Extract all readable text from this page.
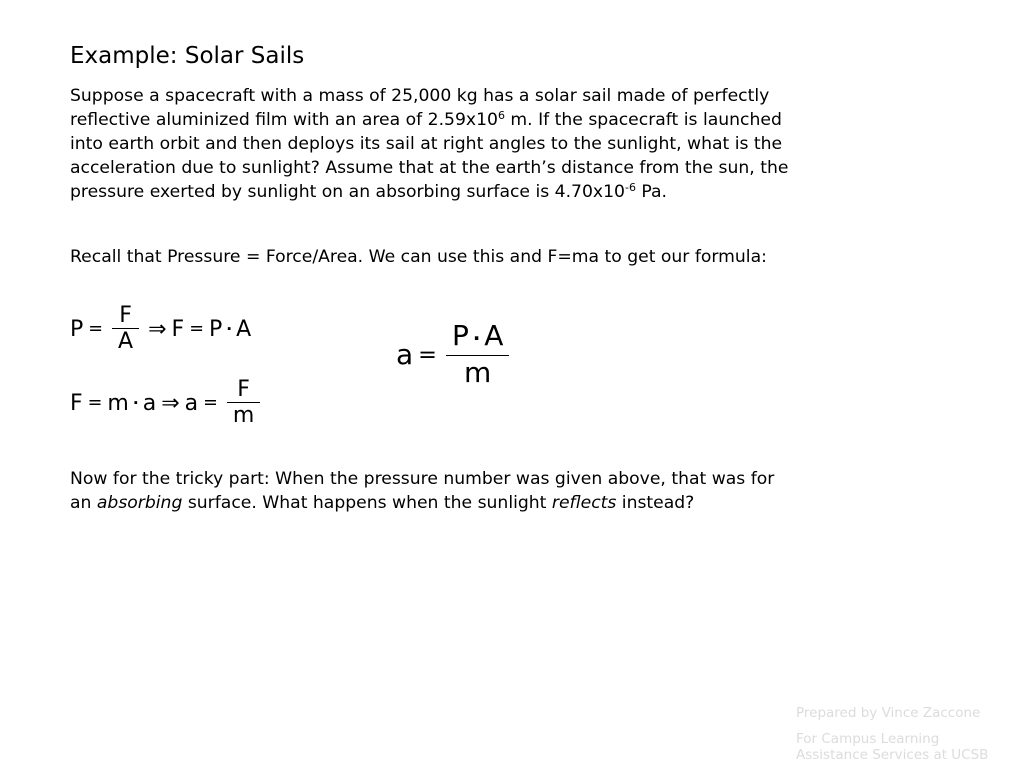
Example: Solar Sails
Suppose a spacecraft with a mass of 25,000 kg has a solar sail made of perfectly
reflective aluminized film with an area of $2.59x10^6$ m. If the spacecraft is launched
into earth orbit and then deploys its sail at right angles to the sunlight, what is the
acceleration due to sunlight? Assume that at the earth’s distance from the sun, the
pressure exerted by sunlight on an absorbing surface is $4.70x10^{-6}$ Pa.
Recall that Pressure = Force/Area. We can use this and F=ma to get our formula:
$P = \frac{F}{A}$ ⇒ F = P · A
F = m · a ⇒ $a = \frac{F}{m}$
$a = \frac{P \cdot A}{m}$
Now for the tricky part: When the pressure number was given above, that was for
an absorbing surface. What happens when the sunlight reflects instead?
Prepared by Vince Zaccone
For Campus Learning
Assistance Services at UCSB
